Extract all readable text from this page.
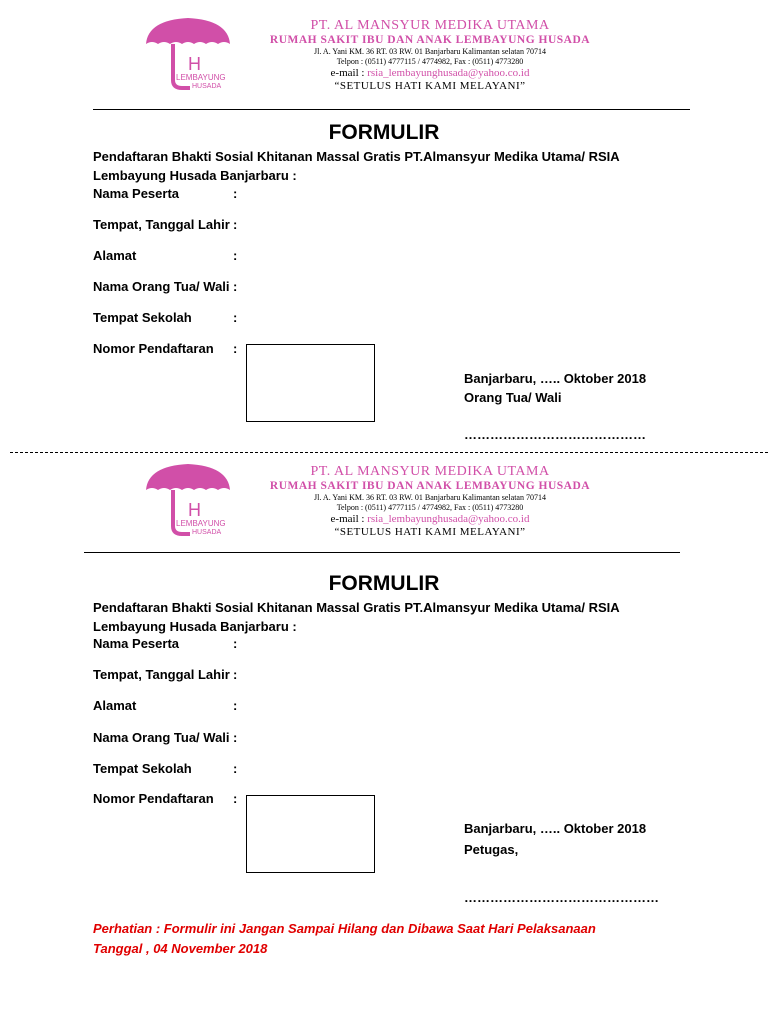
H
LEMBAYUNG
HUSADA
PT. AL MANSYUR MEDIKA UTAMA
RUMAH SAKIT IBU DAN ANAK LEMBAYUNG HUSADA
Jl. A. Yani KM. 36 RT. 03 RW. 01 Banjarbaru Kalimantan selatan 70714
Telpon : (0511) 4777115 / 4774982, Fax : (0511) 4773280
e-mail : rsia_lembayunghusada@yahoo.co.id
“SETULUS HATI KAMI MELAYANI”
FORMULIR
Pendaftaran Bhakti Sosial Khitanan Massal Gratis PT.Almansyur Medika Utama/ RSIA Lembayung Husada Banjarbaru :
Nama Peserta	:
Tempat, Tanggal Lahir :
Alamat	:
Nama Orang Tua/ Wali :
Tempat Sekolah	:
Nomor Pendaftaran :
Banjarbaru, ….. Oktober 2018
Orang Tua/ Wali
……………………………………
H
LEMBAYUNG
HUSADA
PT. AL MANSYUR MEDIKA UTAMA
RUMAH SAKIT IBU DAN ANAK LEMBAYUNG HUSADA
Jl. A. Yani KM. 36 RT. 03 RW. 01 Banjarbaru Kalimantan selatan 70714
Telpon : (0511) 4777115 / 4774982, Fax : (0511) 4773280
e-mail : rsia_lembayunghusada@yahoo.co.id
“SETULUS HATI KAMI MELAYANI”
FORMULIR
Pendaftaran Bhakti Sosial Khitanan Massal Gratis PT.Almansyur Medika Utama/ RSIA Lembayung Husada Banjarbaru :
Nama Peserta	:
Tempat, Tanggal Lahir :
Alamat	:
Nama Orang Tua/ Wali :
Tempat Sekolah	:
Nomor Pendaftaran :
Banjarbaru, ….. Oktober 2018
Petugas,
………………………………………
Perhatian : Formulir ini Jangan Sampai Hilang dan Dibawa Saat Hari Pelaksanaan
Tanggal , 04 November 2018
